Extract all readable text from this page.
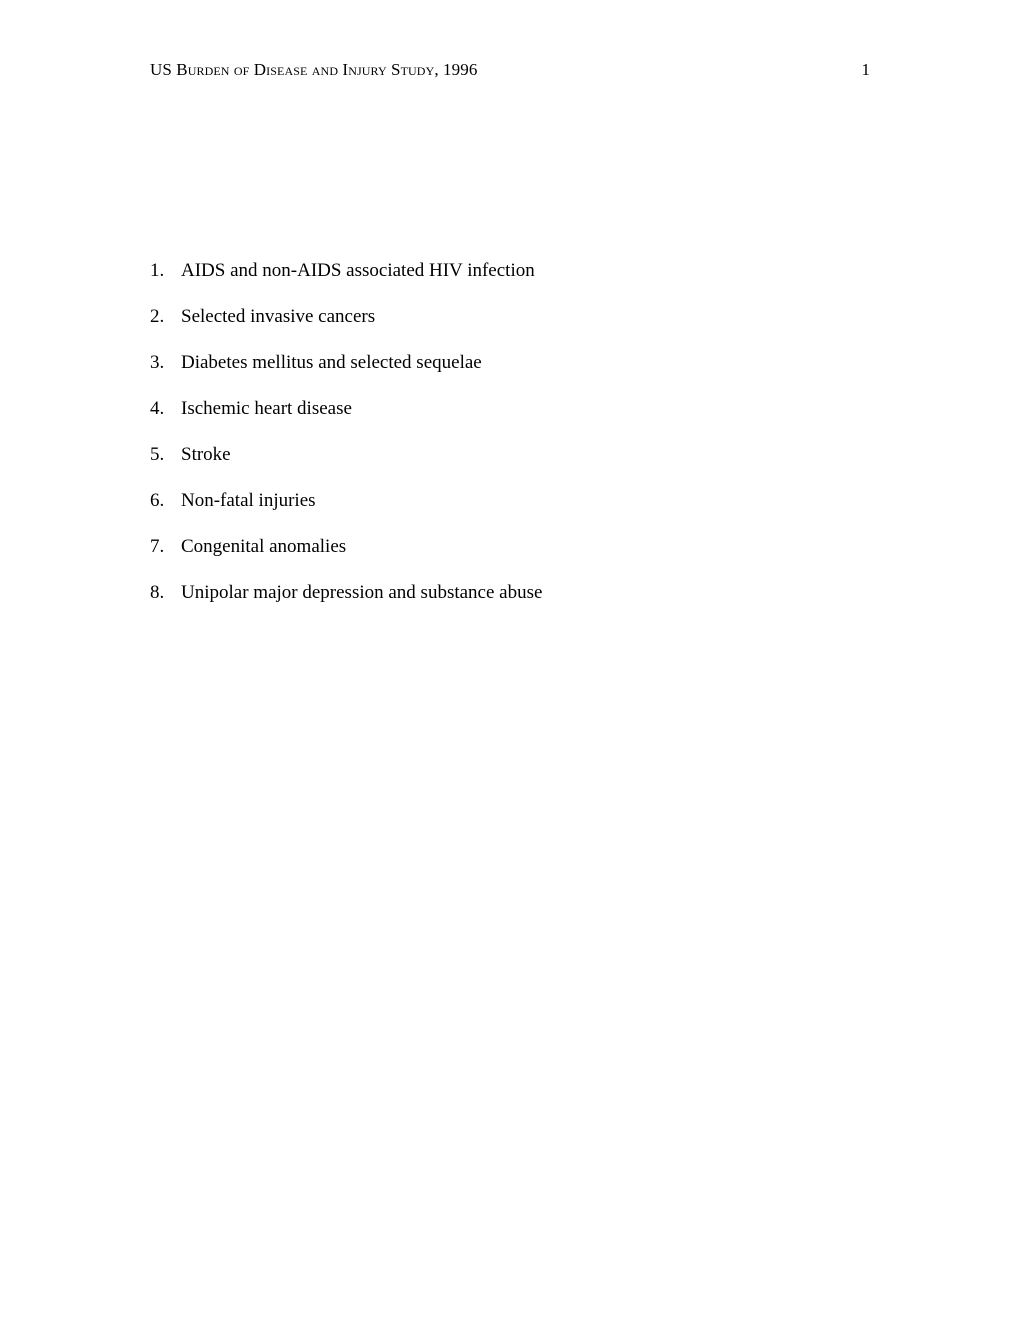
US Burden of Disease and Injury Study, 1996	1
1. AIDS and non-AIDS associated HIV infection
2. Selected invasive cancers
3. Diabetes mellitus and selected sequelae
4. Ischemic heart disease
5. Stroke
6. Non-fatal injuries
7. Congenital anomalies
8. Unipolar major depression and substance abuse
